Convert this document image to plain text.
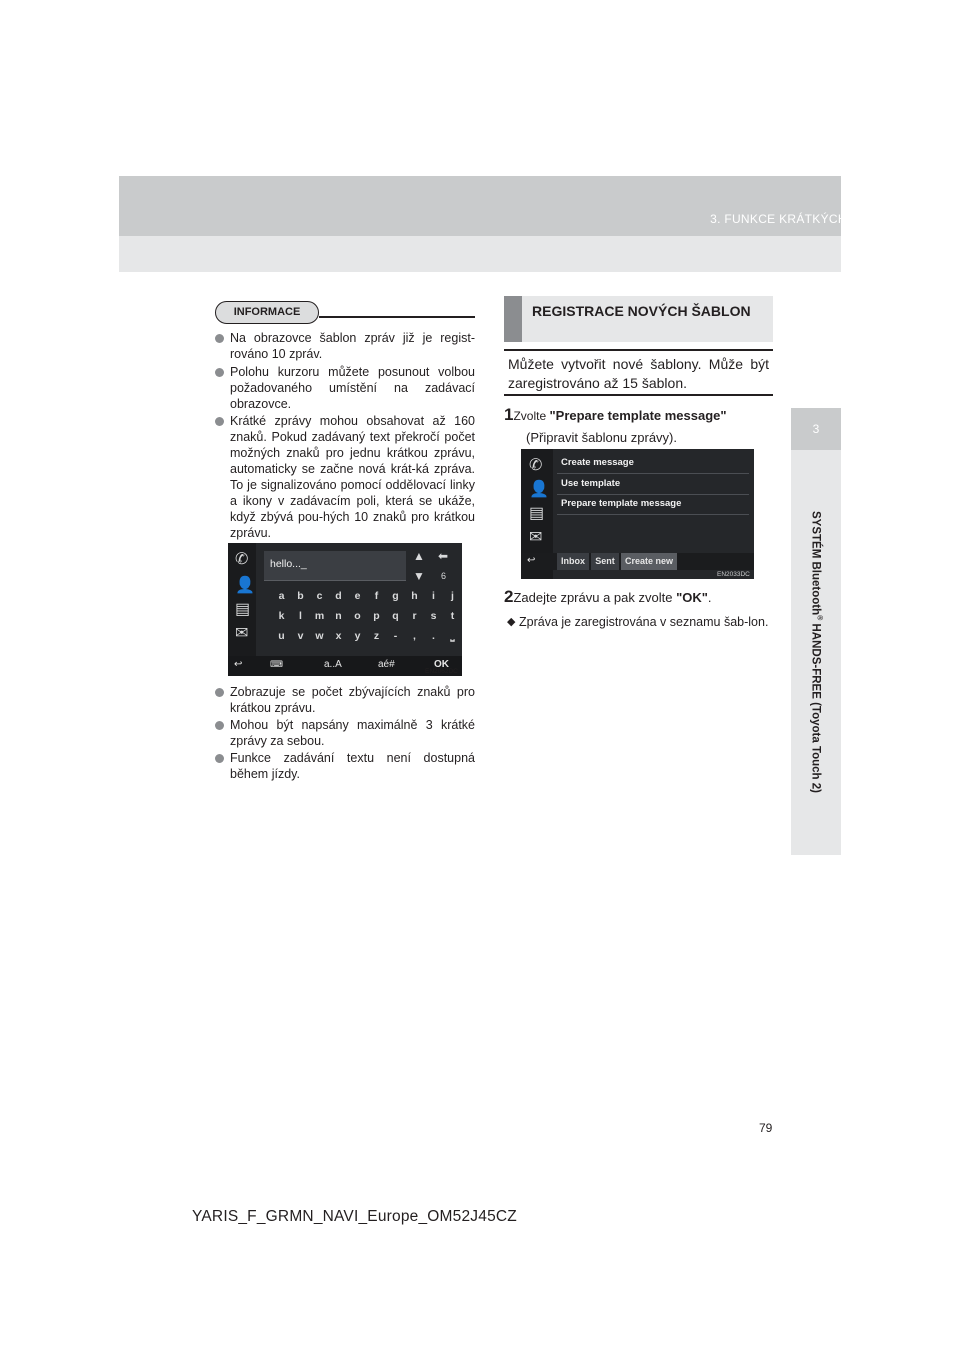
3. FUNKCE KRÁTKÝCH ZPRÁV
3
SYSTÉM Bluetooth® HANDS-FREE (Toyota Touch 2)
INFORMACE
Na obrazovce šablon zpráv již je regist-rováno 10 zpráv.
Polohu kurzoru můžete posunout volbou požadovaného umístění na zadávací obrazovce.
Krátké zprávy mohou obsahovat až 160 znaků. Pokud zadávaný text překročí počet možných znaků pro jednu krátkou zprávu, automaticky se začne nová krát-ká zpráva. To je signalizováno pomocí oddělovací linky a ikony v zadávacím poli, která se ukáže, když zbývá pou-hých 10 znaků pro krátkou zprávu.
✆
👤
▤
✉
hello..._
▲
▼
⬅
6
a b c d e f g h i j
k l m n o p q r s t
u v w x y z - , . ⎵
↩	⌨	a..A	aé#	OK
EN2062DC
Zobrazuje se počet zbývajících znaků pro krátkou zprávu.
Mohou být napsány maximálně 3 krátké zprávy za sebou.
Funkce zadávání textu není dostupná během jízdy.
REGISTRACE NOVÝCH ŠABLON
Můžete vytvořit nové šablony. Může být zaregistrováno až 15 šablon.
1Zvolte "Prepare template message"
(Připravit šablonu zprávy).
✆
👤
▤
✉
Create message
Use template
Prepare template message
↩	Inbox	Sent	Create new
EN2033DC
2Zadejte zprávu a pak zvolte "OK".
◆ Zpráva je zaregistrována v seznamu šab-lon.
79
YARIS_F_GRMN_NAVI_Europe_OM52J45CZ
